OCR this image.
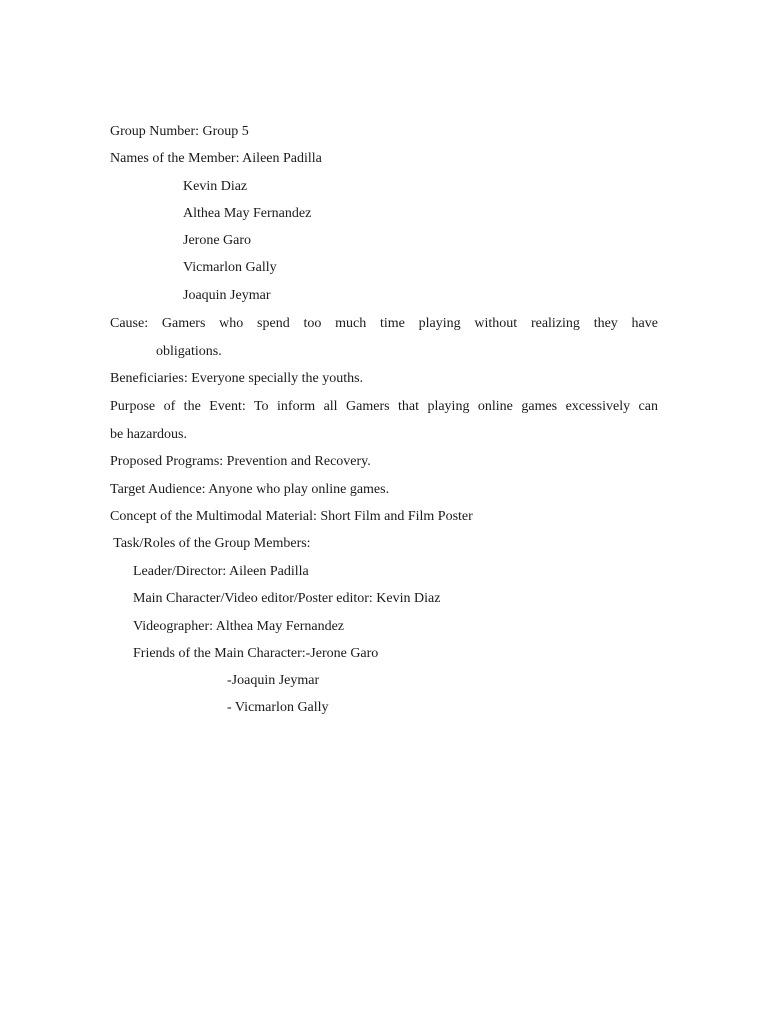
Group Number: Group 5
Names of the Member: Aileen Padilla
Kevin Diaz
Althea May Fernandez
Jerone Garo
Vicmarlon Gally
Joaquin Jeymar
Cause: Gamers who spend too much time playing without realizing they have
obligations.
Beneficiaries: Everyone specially the youths.
Purpose of the Event: To inform all Gamers that playing online games excessively can
be hazardous.
Proposed Programs: Prevention and Recovery.
Target Audience: Anyone who play online games.
Concept of the Multimodal Material: Short Film and Film Poster
Task/Roles of the Group Members:
Leader/Director: Aileen Padilla
Main Character/Video editor/Poster editor: Kevin Diaz
Videographer: Althea May Fernandez
Friends of the Main Character:-Jerone Garo
-Joaquin Jeymar
- Vicmarlon Gally
